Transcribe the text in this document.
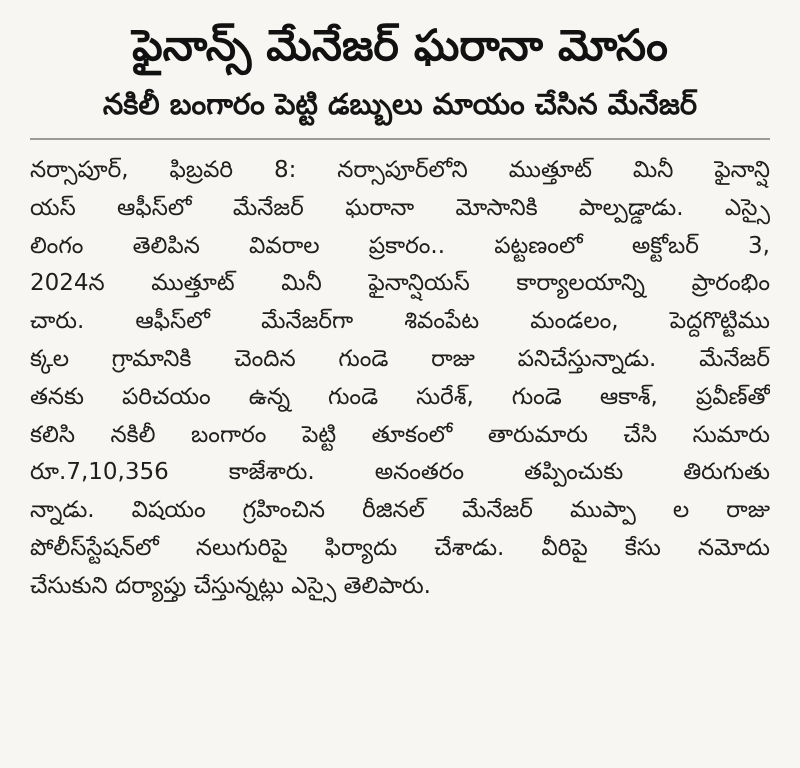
ఫైనాన్స్ మేనేజర్ ఘరానా మోసం
నకిలీ బంగారం పెట్టి డబ్బులు మాయం చేసిన మేనేజర్
నర్సాపూర్, ఫిబ్రవరి 8: నర్సాపూర్‌లోని ముత్తూట్ మినీ ఫైనాన్షి
యస్ ఆఫీస్‌లో మేనేజర్ ఘరానా మోసానికి పాల్పడ్డాడు. ఎస్సై
లింగం తెలిపిన వివరాల ప్రకారం.. పట్టణంలో అక్టోబర్ 3,
2024న ముత్తూట్ మినీ ఫైనాన్షియస్ కార్యాలయాన్ని ప్రారంభిం
చారు. ఆఫీస్‌లో మేనేజర్‌గా శివంపేట మండలం, పెద్దగొట్టిము
క్కల గ్రామానికి చెందిన గుండె రాజు పనిచేస్తున్నాడు. మేనేజర్
తనకు పరిచయం ఉన్న గుండె సురేశ్, గుండె ఆకాశ్, ప్రవీణ్‌తో
కలిసి నకిలీ బంగారం పెట్టి తూకంలో తారుమారు చేసి సుమారు
రూ.7,10,356 కాజేశారు. అనంతరం తప్పించుకు తిరుగుతు
న్నాడు. విషయం గ్రహించిన రీజినల్ మేనేజర్ ముప్పా ల రాజు
పోలీస్‌స్టేషన్‌లో నలుగురిపై ఫిర్యాదు చేశాడు. వీరిపై కేసు నమోదు
చేసుకుని దర్యాప్తు చేస్తున్నట్లు ఎస్సై తెలిపారు.
